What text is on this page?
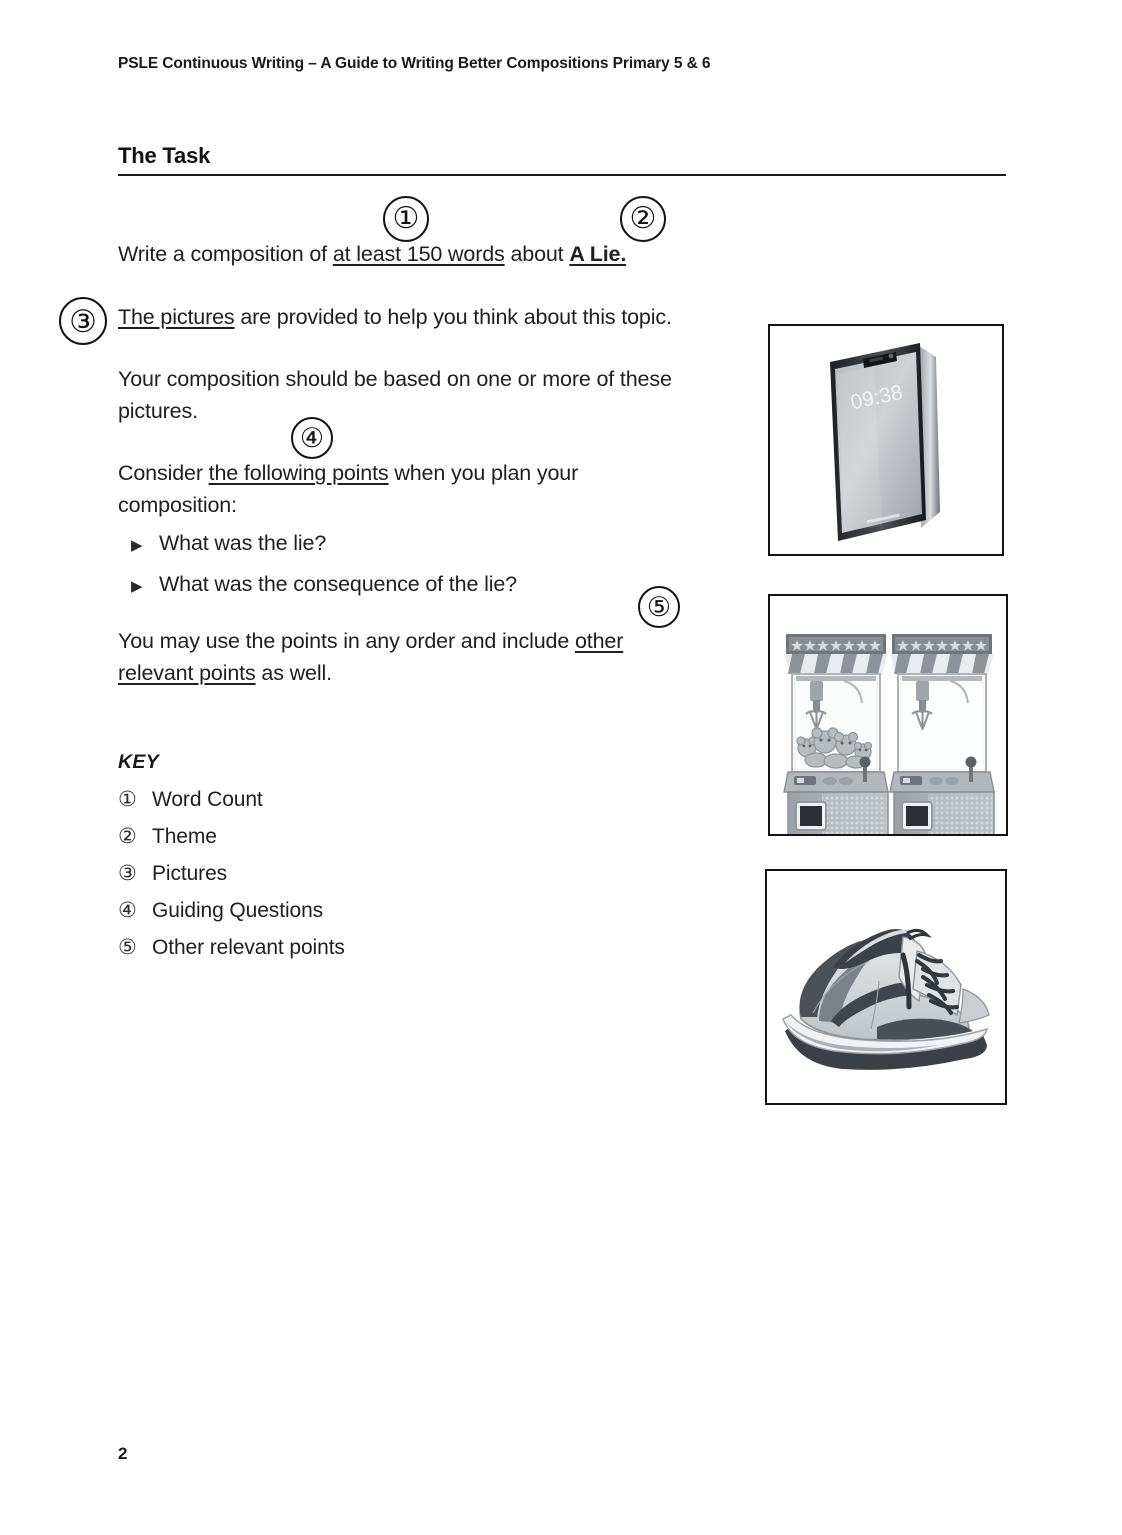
PSLE Continuous Writing – A Guide to Writing Better Compositions Primary 5 & 6
The Task
Write a composition of at least 150 words about A Lie.
The pictures are provided to help you think about this topic.
Your composition should be based on one or more of these pictures.
Consider the following points when you plan your composition:
▶ What was the lie?
▶ What was the consequence of the lie?
You may use the points in any order and include other relevant points as well.
①	②
③
④
⑤
KEY
① Word Count
② Theme
③ Pictures
④ Guiding Questions
⑤ Other relevant points
09:38
2
